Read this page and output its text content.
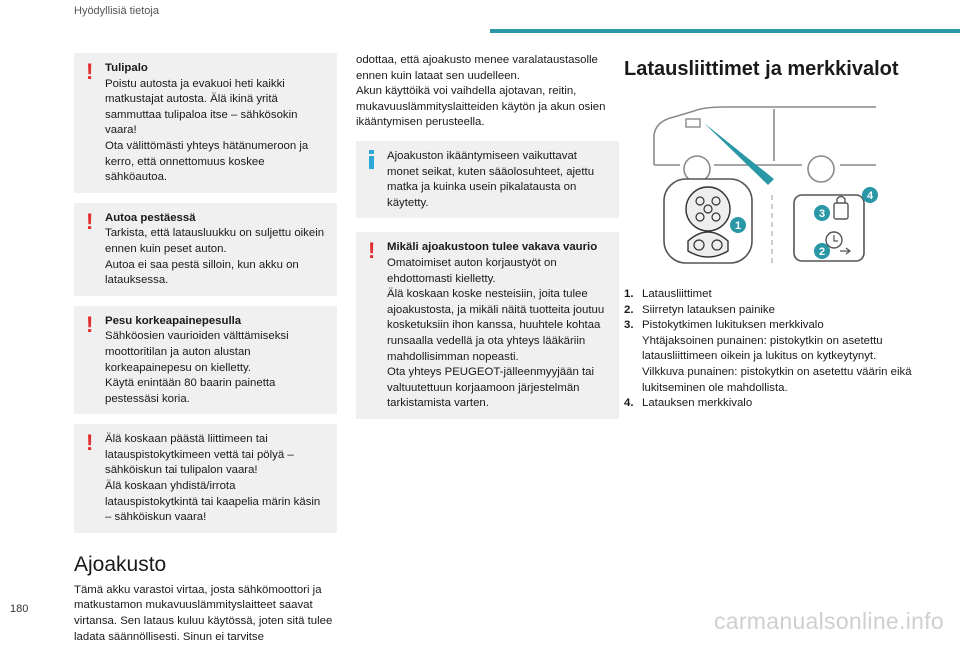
Hyödyllisiä tietoja
!	Tulipalo
Poistu autosta ja evakuoi heti kaikki matkustajat autosta. Älä ikinä yritä sammuttaa tulipaloa itse – sähkösokin vaara!
Ota välittömästi yhteys hätänumeroon ja kerro, että onnettomuus koskee sähköautoa.
!	Autoa pestäessä
Tarkista, että latausluukku on suljettu oikein ennen kuin peset auton.
Autoa ei saa pestä silloin, kun akku on latauksessa.
!	Pesu korkeapainepesulla
Sähköosien vaurioiden välttämiseksi moottoritilan ja auton alustan korkeapainepesu on kielletty.
Käytä enintään 80 baarin painetta pestessäsi koria.
!	Älä koskaan päästä liittimeen tai latauspistokytkimeen vettä tai pölyä – sähköiskun tai tulipalon vaara!
Älä koskaan yhdistä/irrota latauspistokytkintä tai kaapelia märin käsin – sähköiskun vaara!
Ajoakusto

Tämä akku varastoi virtaa, josta sähkömoottori ja matkustamon mukavuuslämmityslaitteet saavat virtansa. Sen lataus kuluu käytössä, joten sitä tulee ladata säännöllisesti. Sinun ei tarvitse

odottaa, että ajoakusto menee varalataustasolle ennen kuin lataat sen uudelleen.

Akun käyttöikä voi vaihdella ajotavan, reitin, mukavuuslämmityslaitteiden käytön ja akun osien ikääntymisen perusteella.

Ajoakuston ikääntymiseen vaikuttavat monet seikat, kuten sääolosuhteet, ajettu matka ja kuinka usein pikalatausta on käytetty.
!	Mikäli ajoakustoon tulee vakava vaurio
Omatoimiset auton korjaustyöt on ehdottomasti kielletty.
Älä koskaan koske nesteisiin, joita tulee ajoakustosta, ja mikäli näitä tuotteita joutuu kosketuksiin ihon kanssa, huuhtele kohtaa runsaalla vedellä ja ota yhteys lääkäriin mahdollisimman nopeasti.
Ota yhteys PEUGEOT-jälleenmyyjään tai valtuutettuun korjaamoon järjestelmän tarkistamista varten.
Latausliittimet ja merkkivalot
1
2
3
4
1. Latausliittimet
2. Siirretyn latauksen painike
3. Pistokytkimen lukituksen merkkivalo
Yhtäjaksoinen punainen: pistokytkin on asetettu latausliittimeen oikein ja lukitus on kytkeytynyt.
Vilkkuva punainen: pistokytkin on asetettu väärin eikä lukitseminen ole mahdollista.
4. Latauksen merkkivalo
180	carmanualsonline.info
